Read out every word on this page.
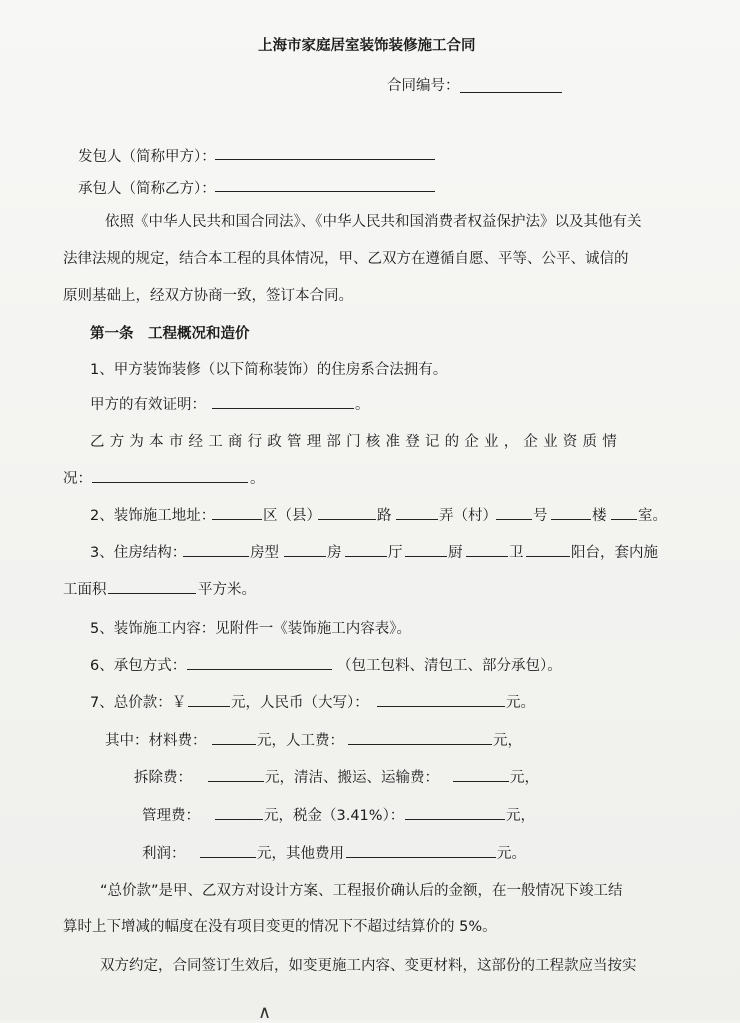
上海市家庭居室装饰装修施工合同
合同编号：
发包人（简称甲方）：
承包人（简称乙方）：
依照《中华人民共和国合同法》、《中华人民共和国消费者权益保护法》以及其他有关
法律法规的规定，结合本工程的具体情况，甲、乙双方在遵循自愿、平等、公平、诚信的
原则基础上，经双方协商一致，签订本合同。
第一条　工程概况和造价
1、甲方装饰装修（以下简称装饰）的住房系合法拥有。
甲方的有效证明：	。
乙方为本市经工商行政管理部门核准登记的企业，企业资质情
况：	。
2、装饰施工地址：	区（县）	路	弄（村） 号	楼 室。
3、住房结构：	房型	房	厅	厨	卫	阳台，套内施
工面积	平方米。
5、装饰施工内容：见附件一《装饰施工内容表》。
6、承包方式：	（包工包料、清包工、部分承包）。
7、总价款：￥	元，人民币（大写）：	元。
其中：材料费：	元，人工费：	元，
拆除费：	元，清洁、搬运、运输费：	元，
管理费：	元，税金（3.41%）：	元，
利润：	元，其他费用	元。
“总价款”是甲、乙双方对设计方案、工程报价确认后的金额，在一般情况下竣工结
算时上下增减的幅度在没有项目变更的情况下不超过结算价的 5%。
双方约定，合同签订生效后，如变更施工内容、变更材料，这部份的工程款应当按实
∧
